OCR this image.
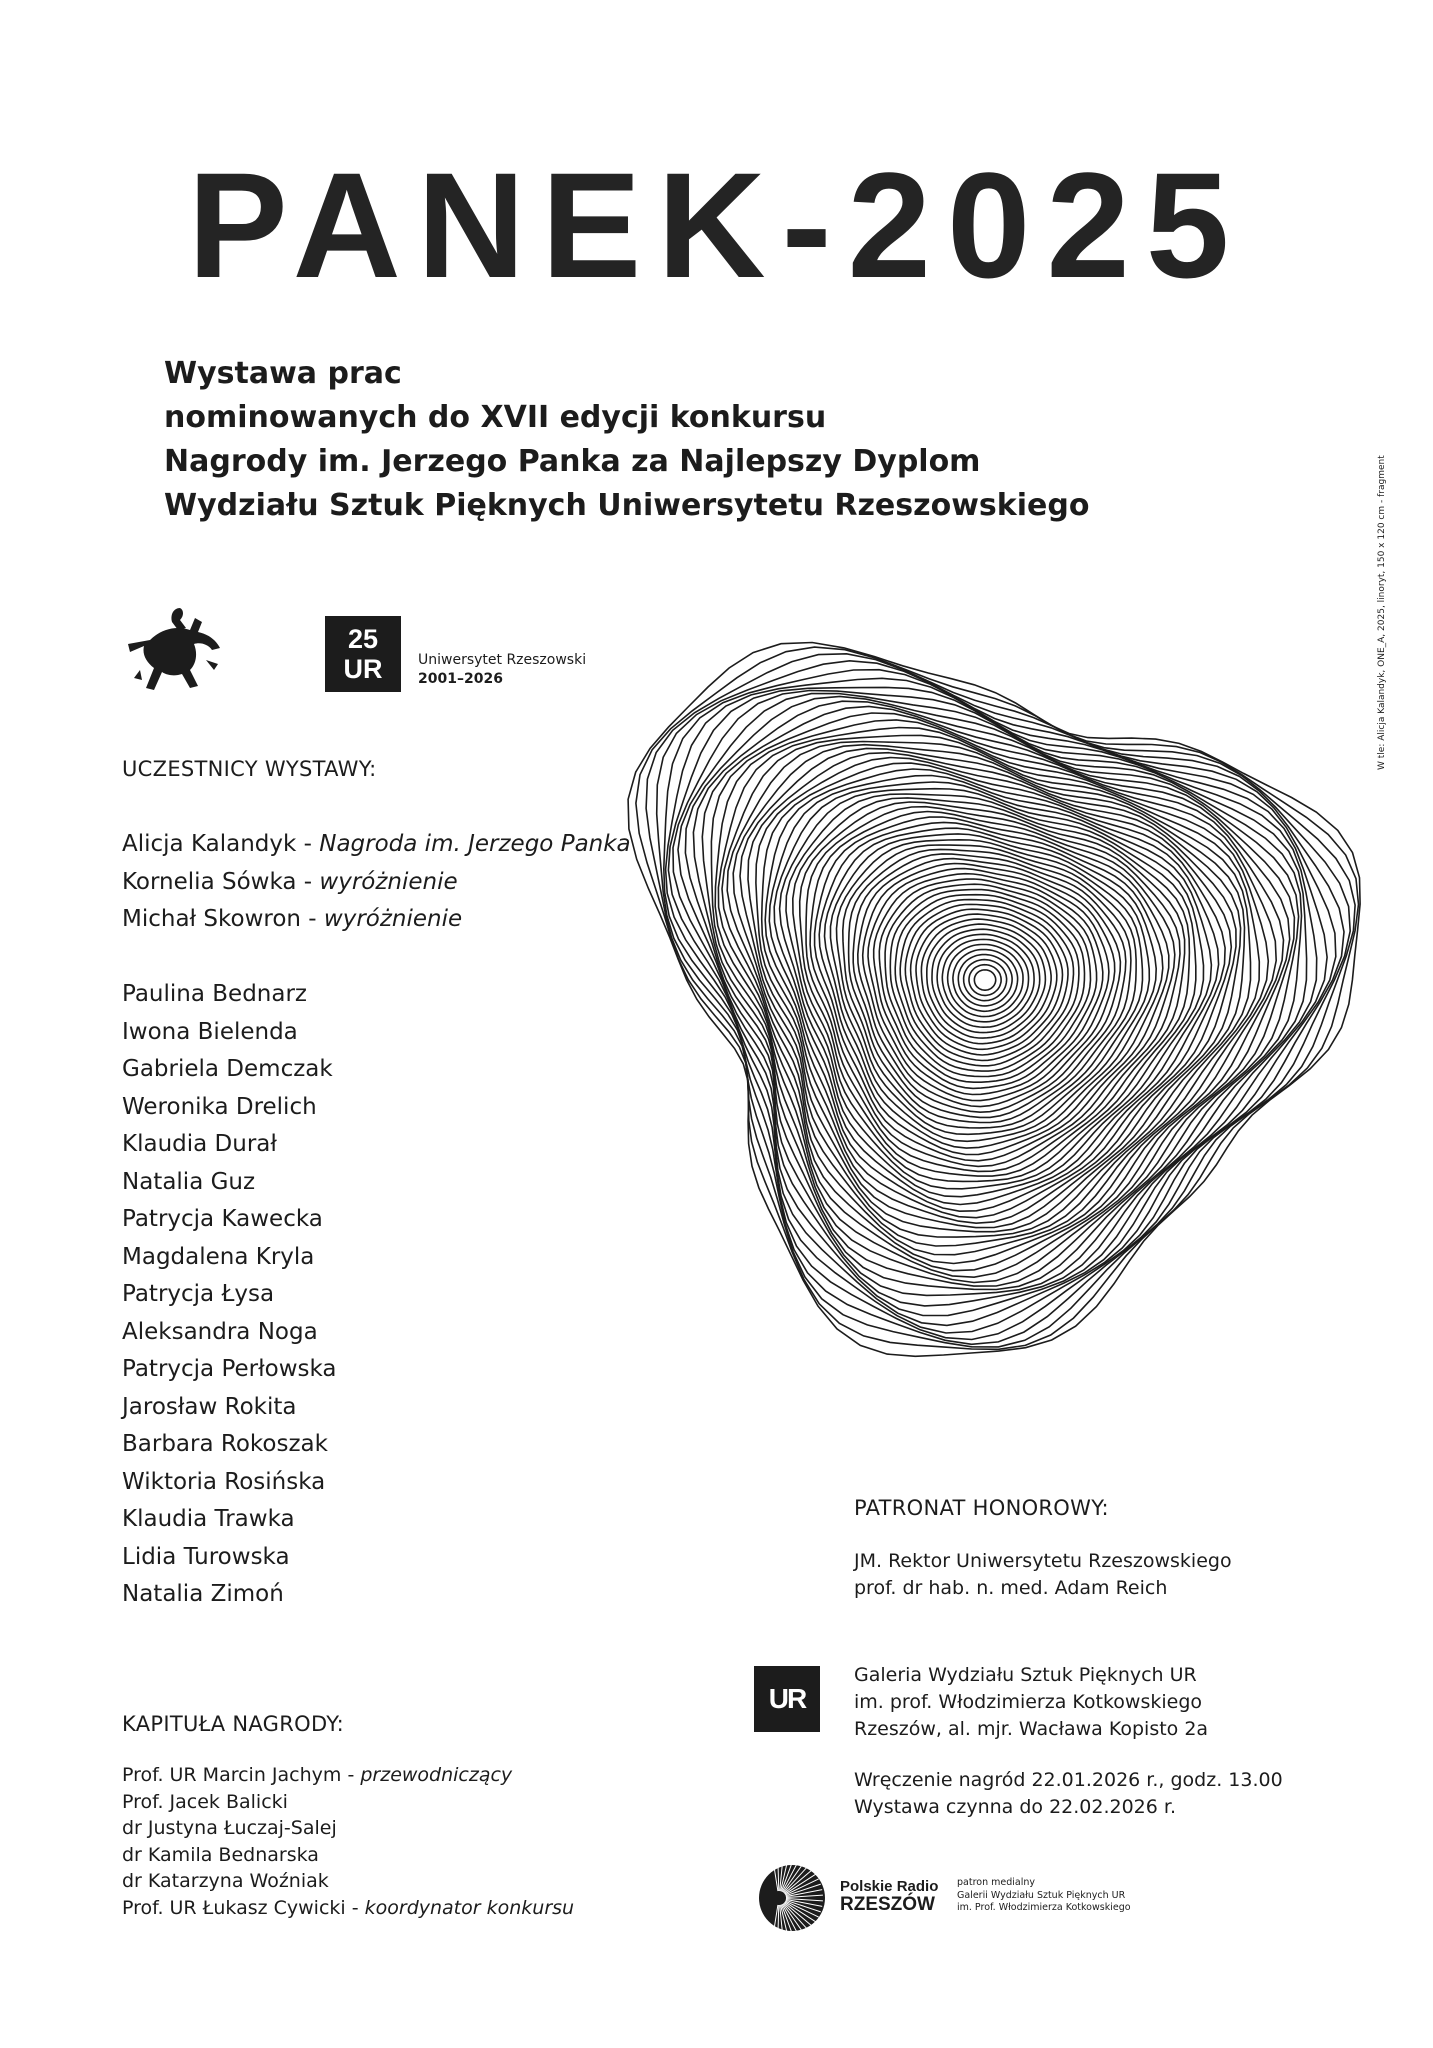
PANEK-2025
Wystawa prac
nominowanych do XVII edycji konkursu
Nagrody im. Jerzego Panka za Najlepszy Dyplom
Wydziału Sztuk Pięknych Uniwersytetu Rzeszowskiego
25
UR	Uniwersytet Rzeszowski
2001–2026
UCZESTNICY WYSTAWY:
Alicja Kalandyk - Nagroda im. Jerzego Panka
Kornelia Sówka - wyróżnienie
Michał Skowron - wyróżnienie
Paulina Bednarz
Iwona Bielenda
Gabriela Demczak
Weronika Drelich
Klaudia Durał
Natalia Guz
Patrycja Kawecka
Magdalena Kryla
Patrycja Łysa
Aleksandra Noga
Patrycja Perłowska
Jarosław Rokita
Barbara Rokoszak
Wiktoria Rosińska
Klaudia Trawka
Lidia Turowska
Natalia Zimoń
KAPITUŁA NAGRODY:
Prof. UR Marcin Jachym - przewodniczący
Prof. Jacek Balicki
dr Justyna Łuczaj-Salej
dr Kamila Bednarska
dr Katarzyna Woźniak
Prof. UR Łukasz Cywicki - koordynator konkursu
PATRONAT HONOROWY:
JM. Rektor Uniwersytetu Rzeszowskiego
prof. dr hab. n. med. Adam Reich
UR
Galeria Wydziału Sztuk Pięknych UR
im. prof. Włodzimierza Kotkowskiego
Rzeszów, al. mjr. Wacława Kopisto 2a
Wręczenie nagród 22.01.2026 r., godz. 13.00
Wystawa czynna do 22.02.2026 r.
Polskie Radio
RZESZÓW
patron medialny
Galerii Wydziału Sztuk Pięknych UR
im. Prof. Włodzimierza Kotkowskiego
W tle: Alicja Kalandyk, ONE_A, 2025, linoryt, 150 x 120 cm - fragment
